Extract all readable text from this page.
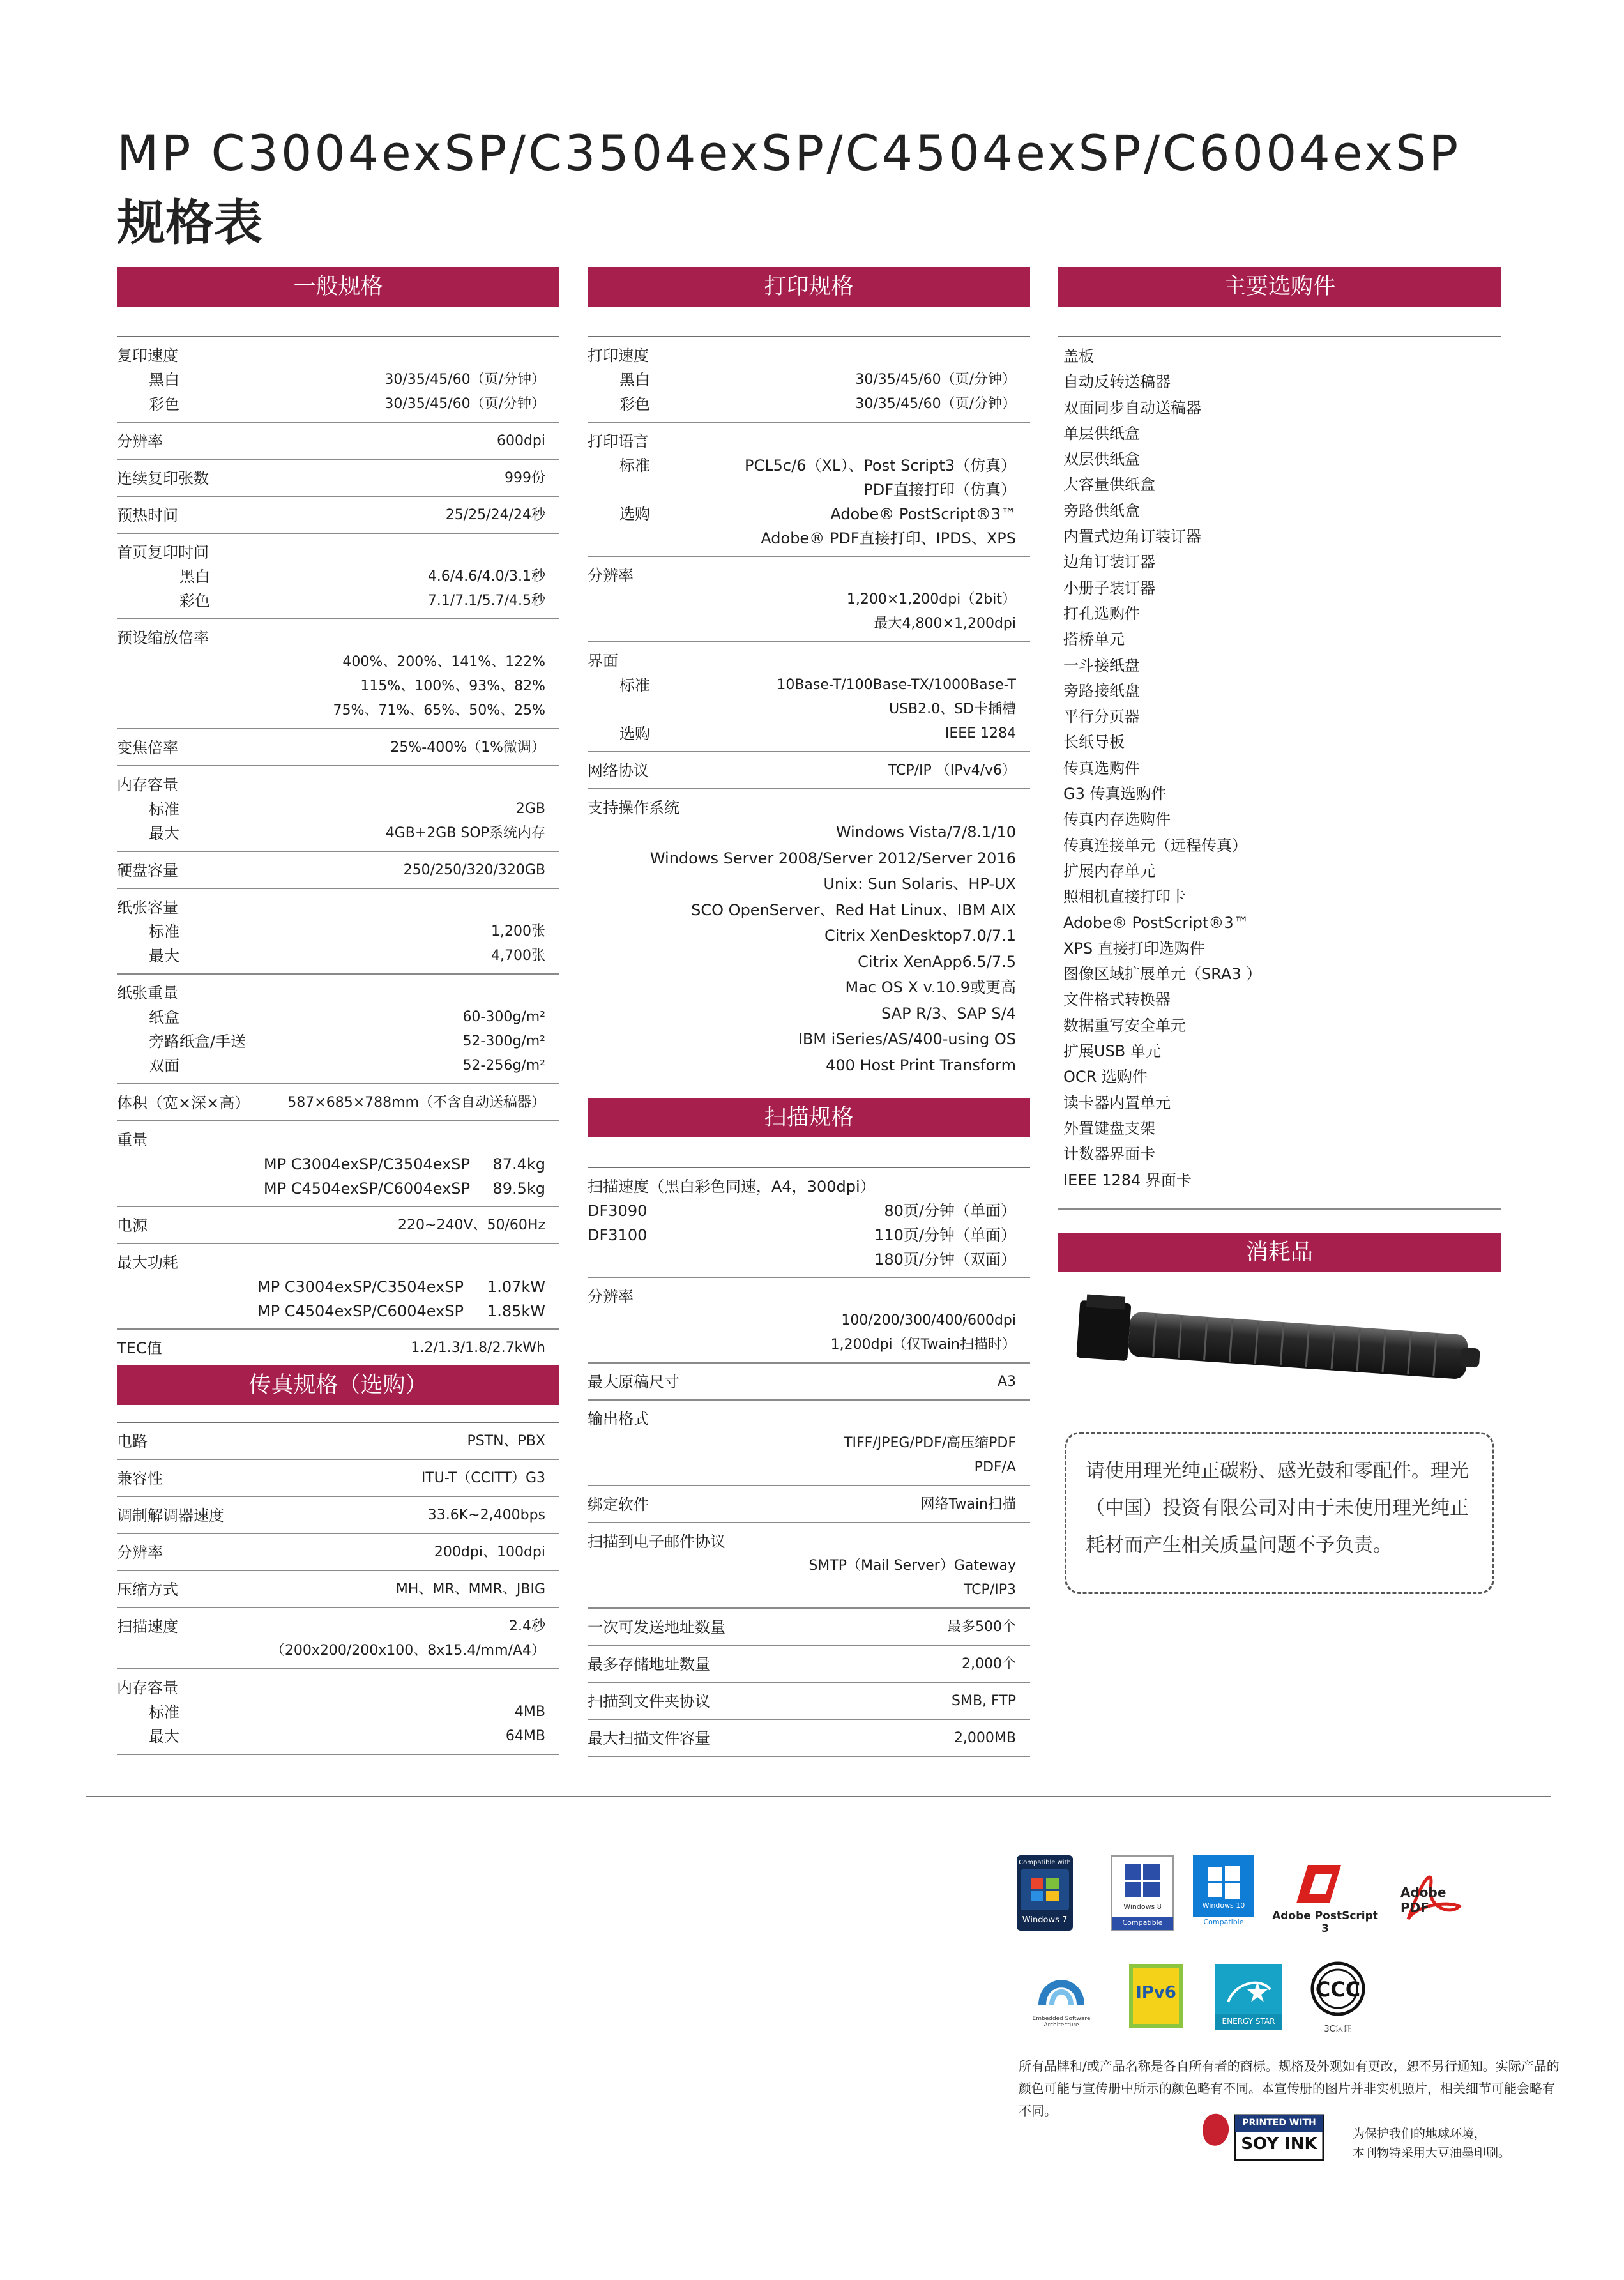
MP C3004exSP/C3504exSP/C4504exSP/C6004exSP
规格表
一般规格
复印速度
黑白	30/35/45/60（页/分钟）
彩色	30/35/45/60（页/分钟）
分辨率	600dpi
连续复印张数	999份
预热时间	25/25/24/24秒
首页复印时间
黑白	4.6/4.6/4.0/3.1秒
彩色	7.1/7.1/5.7/4.5秒
预设缩放倍率
400%、200%、141%、122%
115%、100%、93%、82%
75%、71%、65%、50%、25%
变焦倍率	25%-400%（1%微调）
内存容量
标准	2GB
最大	4GB+2GB SOP系统内存
硬盘容量	250/250/320/320GB
纸张容量
标准	1,200张
最大	4,700张
纸张重量
纸盒	60-300g/m²
旁路纸盒/手送	52-300g/m²
双面	52-256g/m²
体积（宽×深×高）	587×685×788mm（不含自动送稿器）
重量
MP C3004exSP/C3504exSP 87.4kg
MP C4504exSP/C6004exSP 89.5kg
电源	220~240V、50/60Hz
最大功耗
MP C3004exSP/C3504exSP 1.07kW
MP C4504exSP/C6004exSP 1.85kW
TEC值	1.2/1.3/1.8/2.7kWh
传真规格（选购）
电路	PSTN、PBX
兼容性	ITU-T（CCITT）G3
调制解调器速度	33.6K~2,400bps
分辨率	200dpi、100dpi
压缩方式	MH、MR、MMR、JBIG
扫描速度	2.4秒
（200x200/200x100、8x15.4/mm/A4）
内存容量
标准	4MB
最大	64MB
打印规格
打印速度
黑白	30/35/45/60（页/分钟）
彩色	30/35/45/60（页/分钟）
打印语言
标准	PCL5c/6（XL）、Post Script3（仿真）
PDF直接打印（仿真）
选购	Adobe® PostScript®3™
Adobe® PDF直接打印、IPDS、XPS
分辨率
1,200×1,200dpi（2bit）
最大4,800×1,200dpi
界面
标准	10Base-T/100Base-TX/1000Base-T
USB2.0、SD卡插槽
选购	IEEE 1284
网络协议	TCP/IP （IPv4/v6）
支持操作系统
Windows Vista/7/8.1/10
Windows Server 2008/Server 2012/Server 2016
Unix: Sun Solaris、HP-UX
SCO OpenServer、Red Hat Linux、IBM AIX
Citrix XenDesktop7.0/7.1
Citrix XenApp6.5/7.5
Mac OS X v.10.9或更高
SAP R/3、SAP S/4
IBM iSeries/AS/400-using OS
400 Host Print Transform
扫描规格
扫描速度（黑白彩色同速，A4，300dpi）
DF3090	80页/分钟（单面）
DF3100	110页/分钟（单面）
180页/分钟（双面）
分辨率
100/200/300/400/600dpi
1,200dpi（仅Twain扫描时）
最大原稿尺寸	A3
输出格式
TIFF/JPEG/PDF/高压缩PDF
PDF/A
绑定软件	网络Twain扫描
扫描到电子邮件协议
SMTP（Mail Server）Gateway
TCP/IP3
一次可发送地址数量	最多500个
最多存储地址数量	2,000个
扫描到文件夹协议	SMB, FTP
最大扫描文件容量	2,000MB
主要选购件
盖板
自动反转送稿器
双面同步自动送稿器
单层供纸盒
双层供纸盒
大容量供纸盒
旁路供纸盒
内置式边角订装订器
边角订装订器
小册子装订器
打孔选购件
搭桥单元
一斗接纸盘
旁路接纸盘
平行分页器
长纸导板
传真选购件
G3 传真选购件
传真内存选购件
传真连接单元（远程传真）
扩展内存单元
照相机直接打印卡
Adobe® PostScript®3™
XPS 直接打印选购件
图像区域扩展单元（SRA3 ）
文件格式转换器
数据重写安全单元
扩展USB 单元
OCR 选购件
读卡器内置单元
外置键盘支架
计数器界面卡
IEEE 1284 界面卡
消耗品
请使用理光纯正碳粉、感光鼓和零配件。理光（中国）投资有限公司对由于未使用理光纯正耗材而产生相关质量问题不予负责。
Compatible with
Windows 7
Windows 8
Compatible
Windows 10
Compatible	Adobe PostScript 3
Adobe PDF
Embedded Software Architecture
IPv6
ENERGY STAR
CCC
3C认证
所有品牌和/或产品名称是各自所有者的商标。规格及外观如有更改，恕不另行通知。实际产品的颜色可能与宣传册中所示的颜色略有不同。本宣传册的图片并非实机照片，相关细节可能会略有不同。
PRINTED WITH
SOY INK
为保护我们的地球环境，
本刊物特采用大豆油墨印刷。
